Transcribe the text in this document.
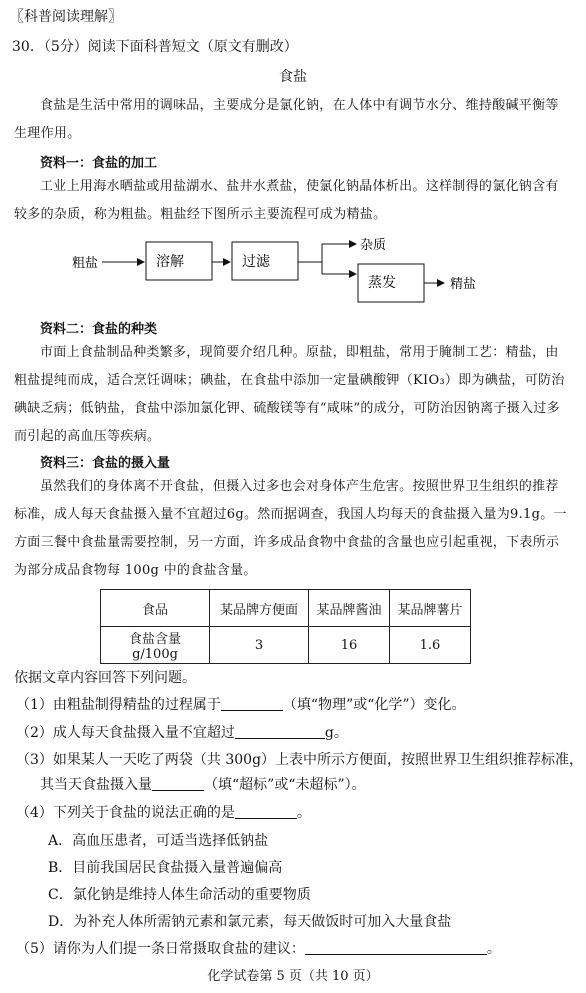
〖科普阅读理解〗
30．（5分）阅读下面科普短文（原文有删改）
食盐
食盐是生活中常用的调味品，主要成分是氯化钠，在人体中有调节水分、维持酸碱平衡等生理作用。
资料一：食盐的加工
工业上用海水晒盐或用盐湖水、盐井水煮盐，使氯化钠晶体析出。这样制得的氯化钠含有较多的杂质，称为粗盐。粗盐经下图所示主要流程可成为精盐。
粗盐	溶解	过滤
杂质
蒸发	精盐
资料二：食盐的种类
市面上食盐制品种类繁多，现简要介绍几种。原盐，即粗盐，常用于腌制工艺：精盐，由粗盐提纯而成，适合烹饪调味；碘盐，在食盐中添加一定量碘酸钾（KIO₃）即为碘盐，可防治碘缺乏病；低钠盐，食盐中添加氯化钾、硫酸镁等有“咸味”的成分，可防治因钠离子摄入过多而引起的高血压等疾病。
资料三：食盐的摄入量
虽然我们的身体离不开食盐，但摄入过多也会对身体产生危害。按照世界卫生组织的推荐标准，成人每天食盐摄入量不宜超过6g。然而据调查，我国人均每天的食盐摄入量为9.1g。一方面三餐中食盐量需要控制，另一方面，许多成品食物中食盐的含量也应引起重视，下表所示为部分成品食物每 100g 中的食盐含量。
食品	某品牌方便面	某品牌酱油	某品牌薯片
食盐含量 g/100g	3	16	1.6
依据文章内容回答下列问题。
（1）由粗盐制得精盐的过程属于	（填“物理”或“化学”）变化。
（2）成人每天食盐摄入量不宜超过	g。
（3）如果某人一天吃了两袋（共 300g）上表中所示方便面，按照世界卫生组织推荐标准，
其当天食盐摄入量	（填“超标”或“未超标”）。
（4）下列关于食盐的说法正确的是	。
A．高血压患者，可适当选择低钠盐
B．目前我国居民食盐摄入量普遍偏高
C．氯化钠是维持人体生命活动的重要物质
D．为补充人体所需钠元素和氯元素，每天做饭时可加入大量食盐
（5）请你为人们提一条日常摄取食盐的建议：	。
化学试卷第 5 页（共 10 页）
